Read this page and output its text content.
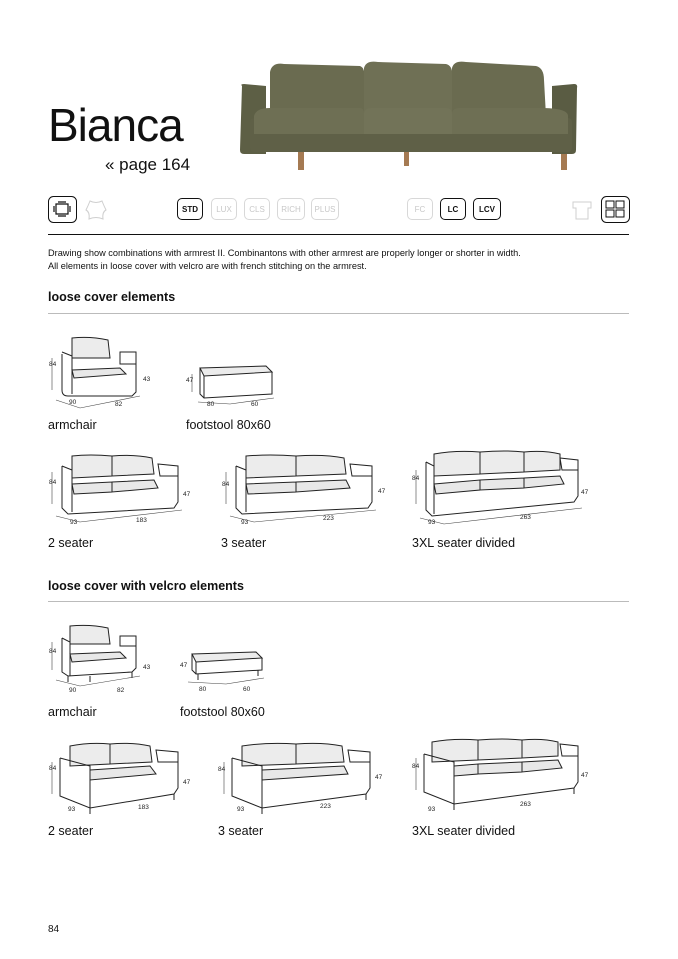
Bianca
« page 164
STD	LUX	CLS	RICH	PLUS	FC	LC	LCV
Drawing show combinations with armrest II. Combinantons with other armrest are properly longer or shorter in width.
All elements in loose cover with velcro are with french stitching on the armrest.
loose cover elements
84
90	82
43
armchair
47
80	60
footstool 80x60
84
93	183
47
2 seater
84
93
223
47
3 seater
84
93
263
47
3XL seater divided
loose cover with velcro elements
84
90	82
43
armchair
47
80	60
footstool 80x60
84
93	183
47
2 seater
84
93	223
47
3 seater
84
93
263
47
3XL seater divided
84
